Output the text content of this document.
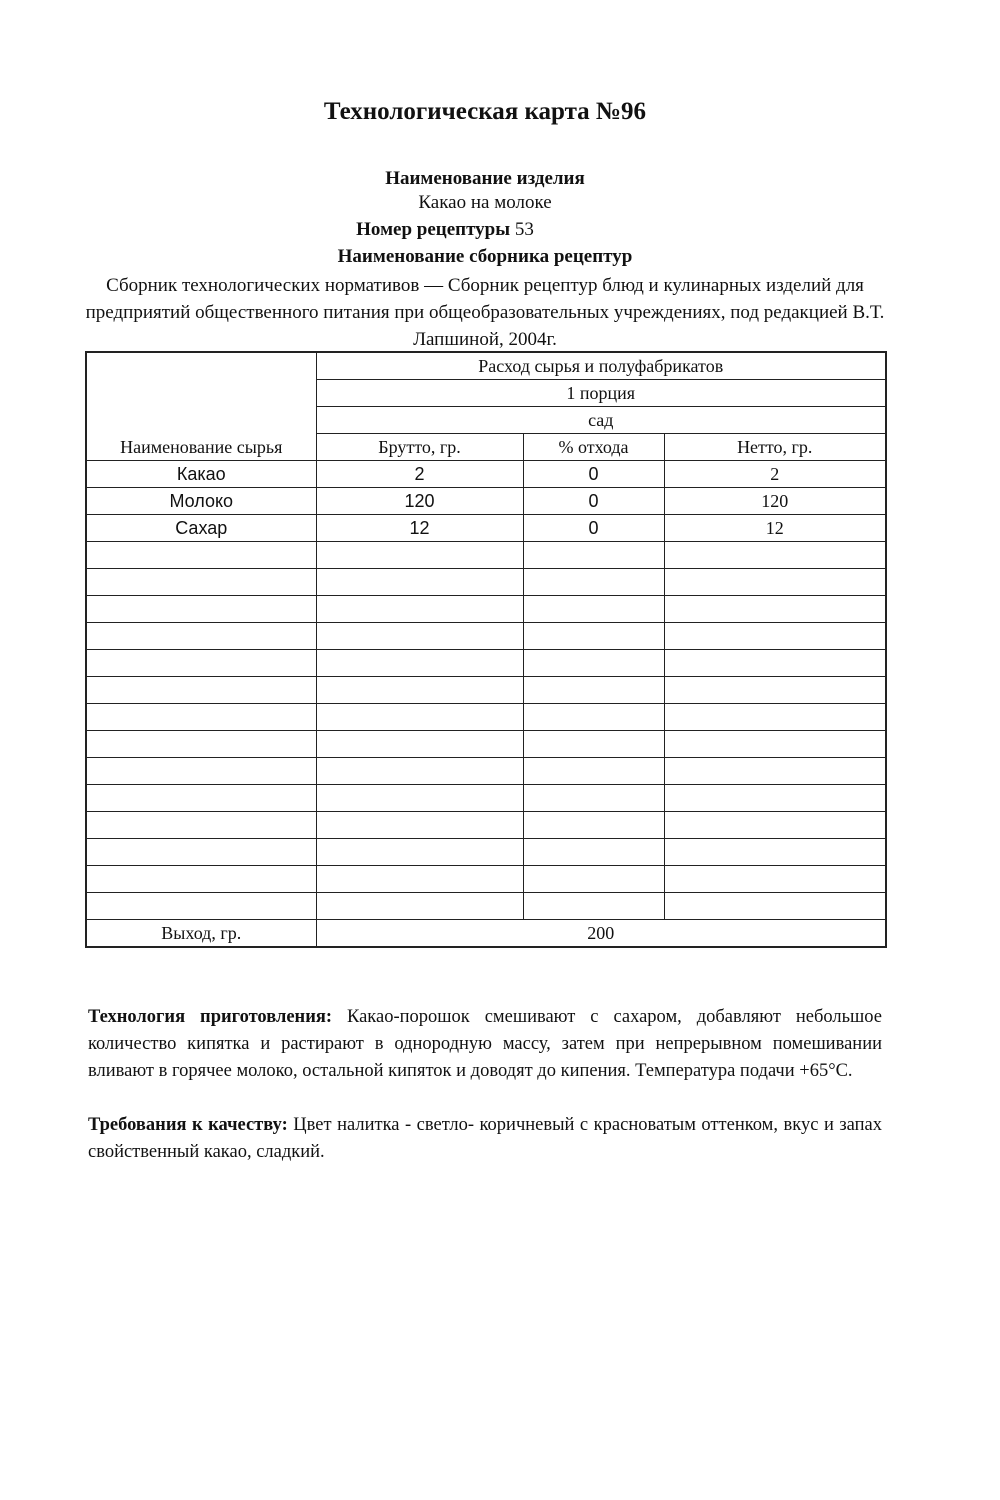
Технологическая карта №96
Наименование изделия
Какао на молоке
Номер рецептуры 53
Наименование сборника рецептур
Сборник технологических нормативов — Сборник рецептур блюд и кулинарных изделий для предприятий общественного питания при общеобразовательных учреждениях, под редакцией В.Т. Лапшиной, 2004г.
Наименование сырья	Расход сырья и полуфабрикатов		
	1 порция		
	сад		
	Брутто, гр.	% отхода	Нетто, гр.
Какао	2	0	2
Молоко	120	0	120
Сахар	12	0	12

Выход, гр.	200		
Технология приготовления: Какао-порошок смешивают с сахаром, добавляют небольшое количество кипятка и растирают в однородную массу, затем при непрерывном помешивании вливают в горячее молоко, остальной кипяток и доводят до кипения. Температура подачи +65°С.
Требования к качеству: Цвет налитка - светло- коричневый с красноватым оттенком, вкус и запах свойственный какао, сладкий.
